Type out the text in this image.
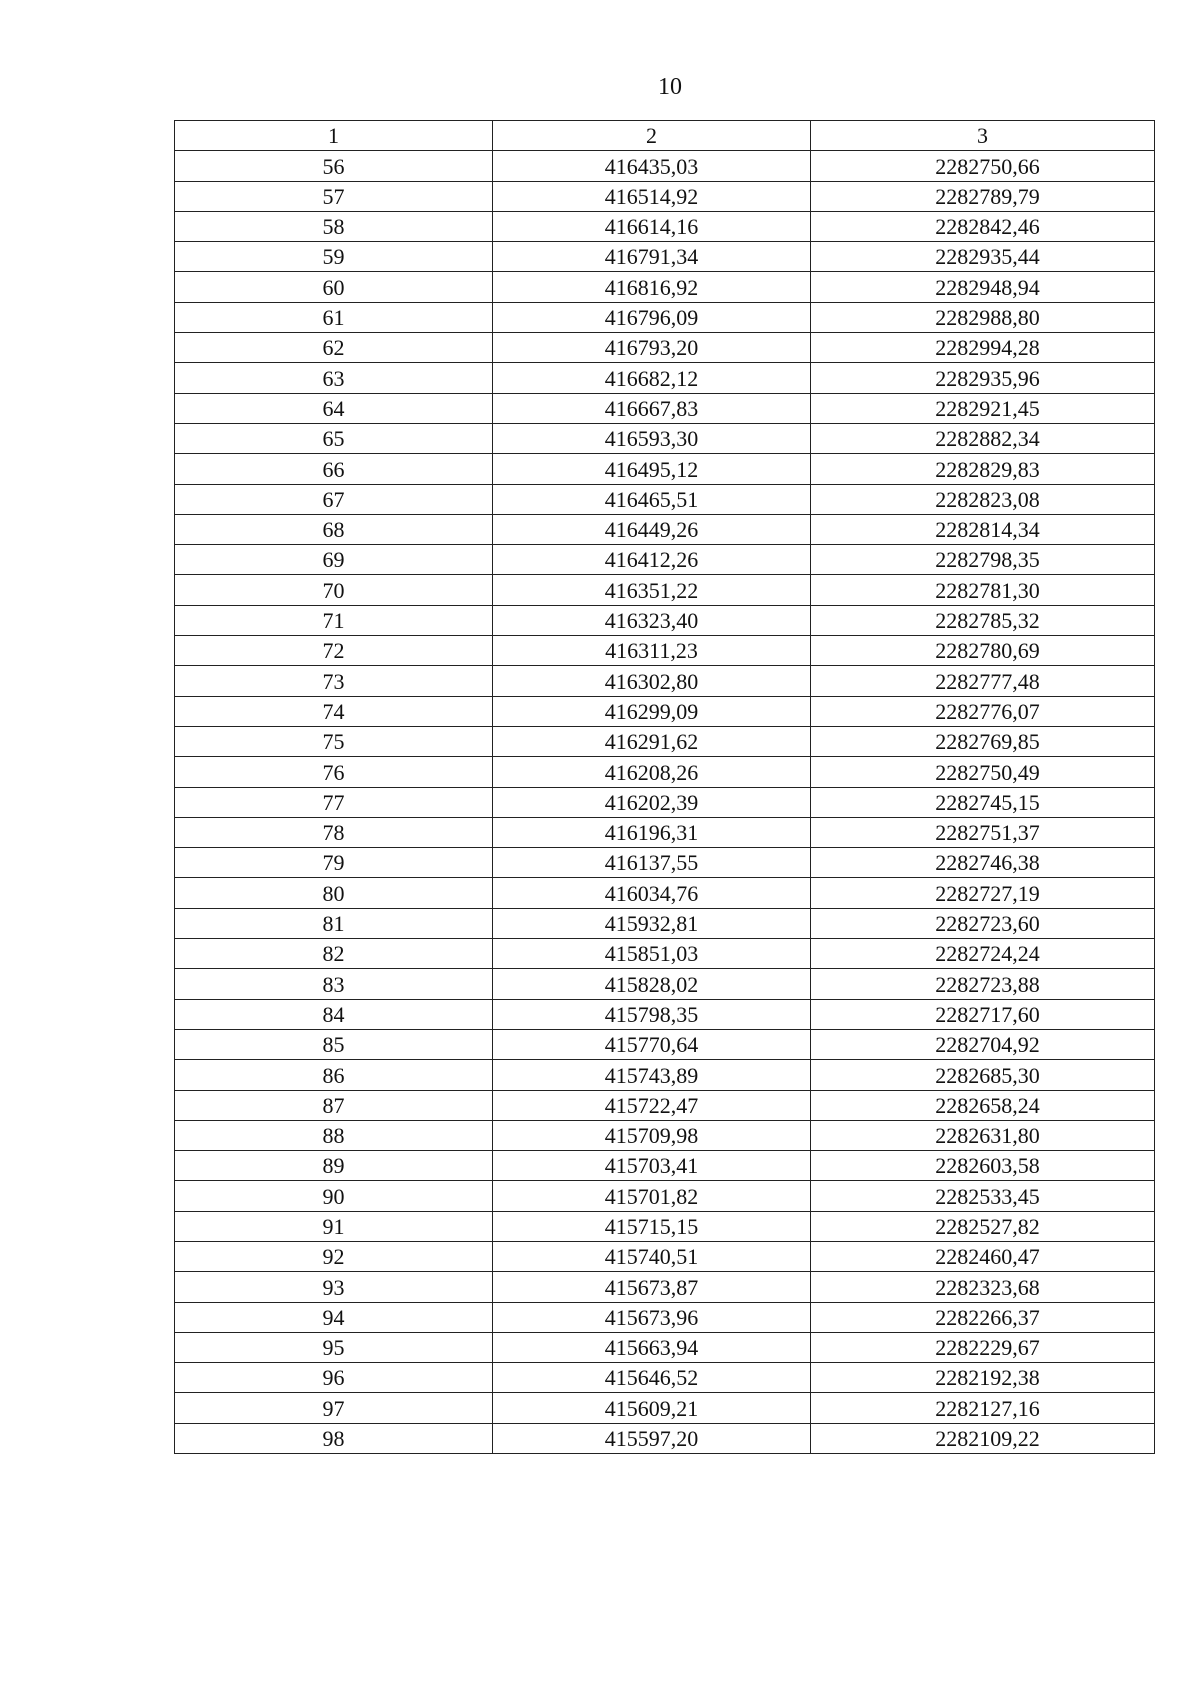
10
1	2	3
56	416435,03	2282750,66
57	416514,92	2282789,79
58	416614,16	2282842,46
59	416791,34	2282935,44
60	416816,92	2282948,94
61	416796,09	2282988,80
62	416793,20	2282994,28
63	416682,12	2282935,96
64	416667,83	2282921,45
65	416593,30	2282882,34
66	416495,12	2282829,83
67	416465,51	2282823,08
68	416449,26	2282814,34
69	416412,26	2282798,35
70	416351,22	2282781,30
71	416323,40	2282785,32
72	416311,23	2282780,69
73	416302,80	2282777,48
74	416299,09	2282776,07
75	416291,62	2282769,85
76	416208,26	2282750,49
77	416202,39	2282745,15
78	416196,31	2282751,37
79	416137,55	2282746,38
80	416034,76	2282727,19
81	415932,81	2282723,60
82	415851,03	2282724,24
83	415828,02	2282723,88
84	415798,35	2282717,60
85	415770,64	2282704,92
86	415743,89	2282685,30
87	415722,47	2282658,24
88	415709,98	2282631,80
89	415703,41	2282603,58
90	415701,82	2282533,45
91	415715,15	2282527,82
92	415740,51	2282460,47
93	415673,87	2282323,68
94	415673,96	2282266,37
95	415663,94	2282229,67
96	415646,52	2282192,38
97	415609,21	2282127,16
98	415597,20	2282109,22
